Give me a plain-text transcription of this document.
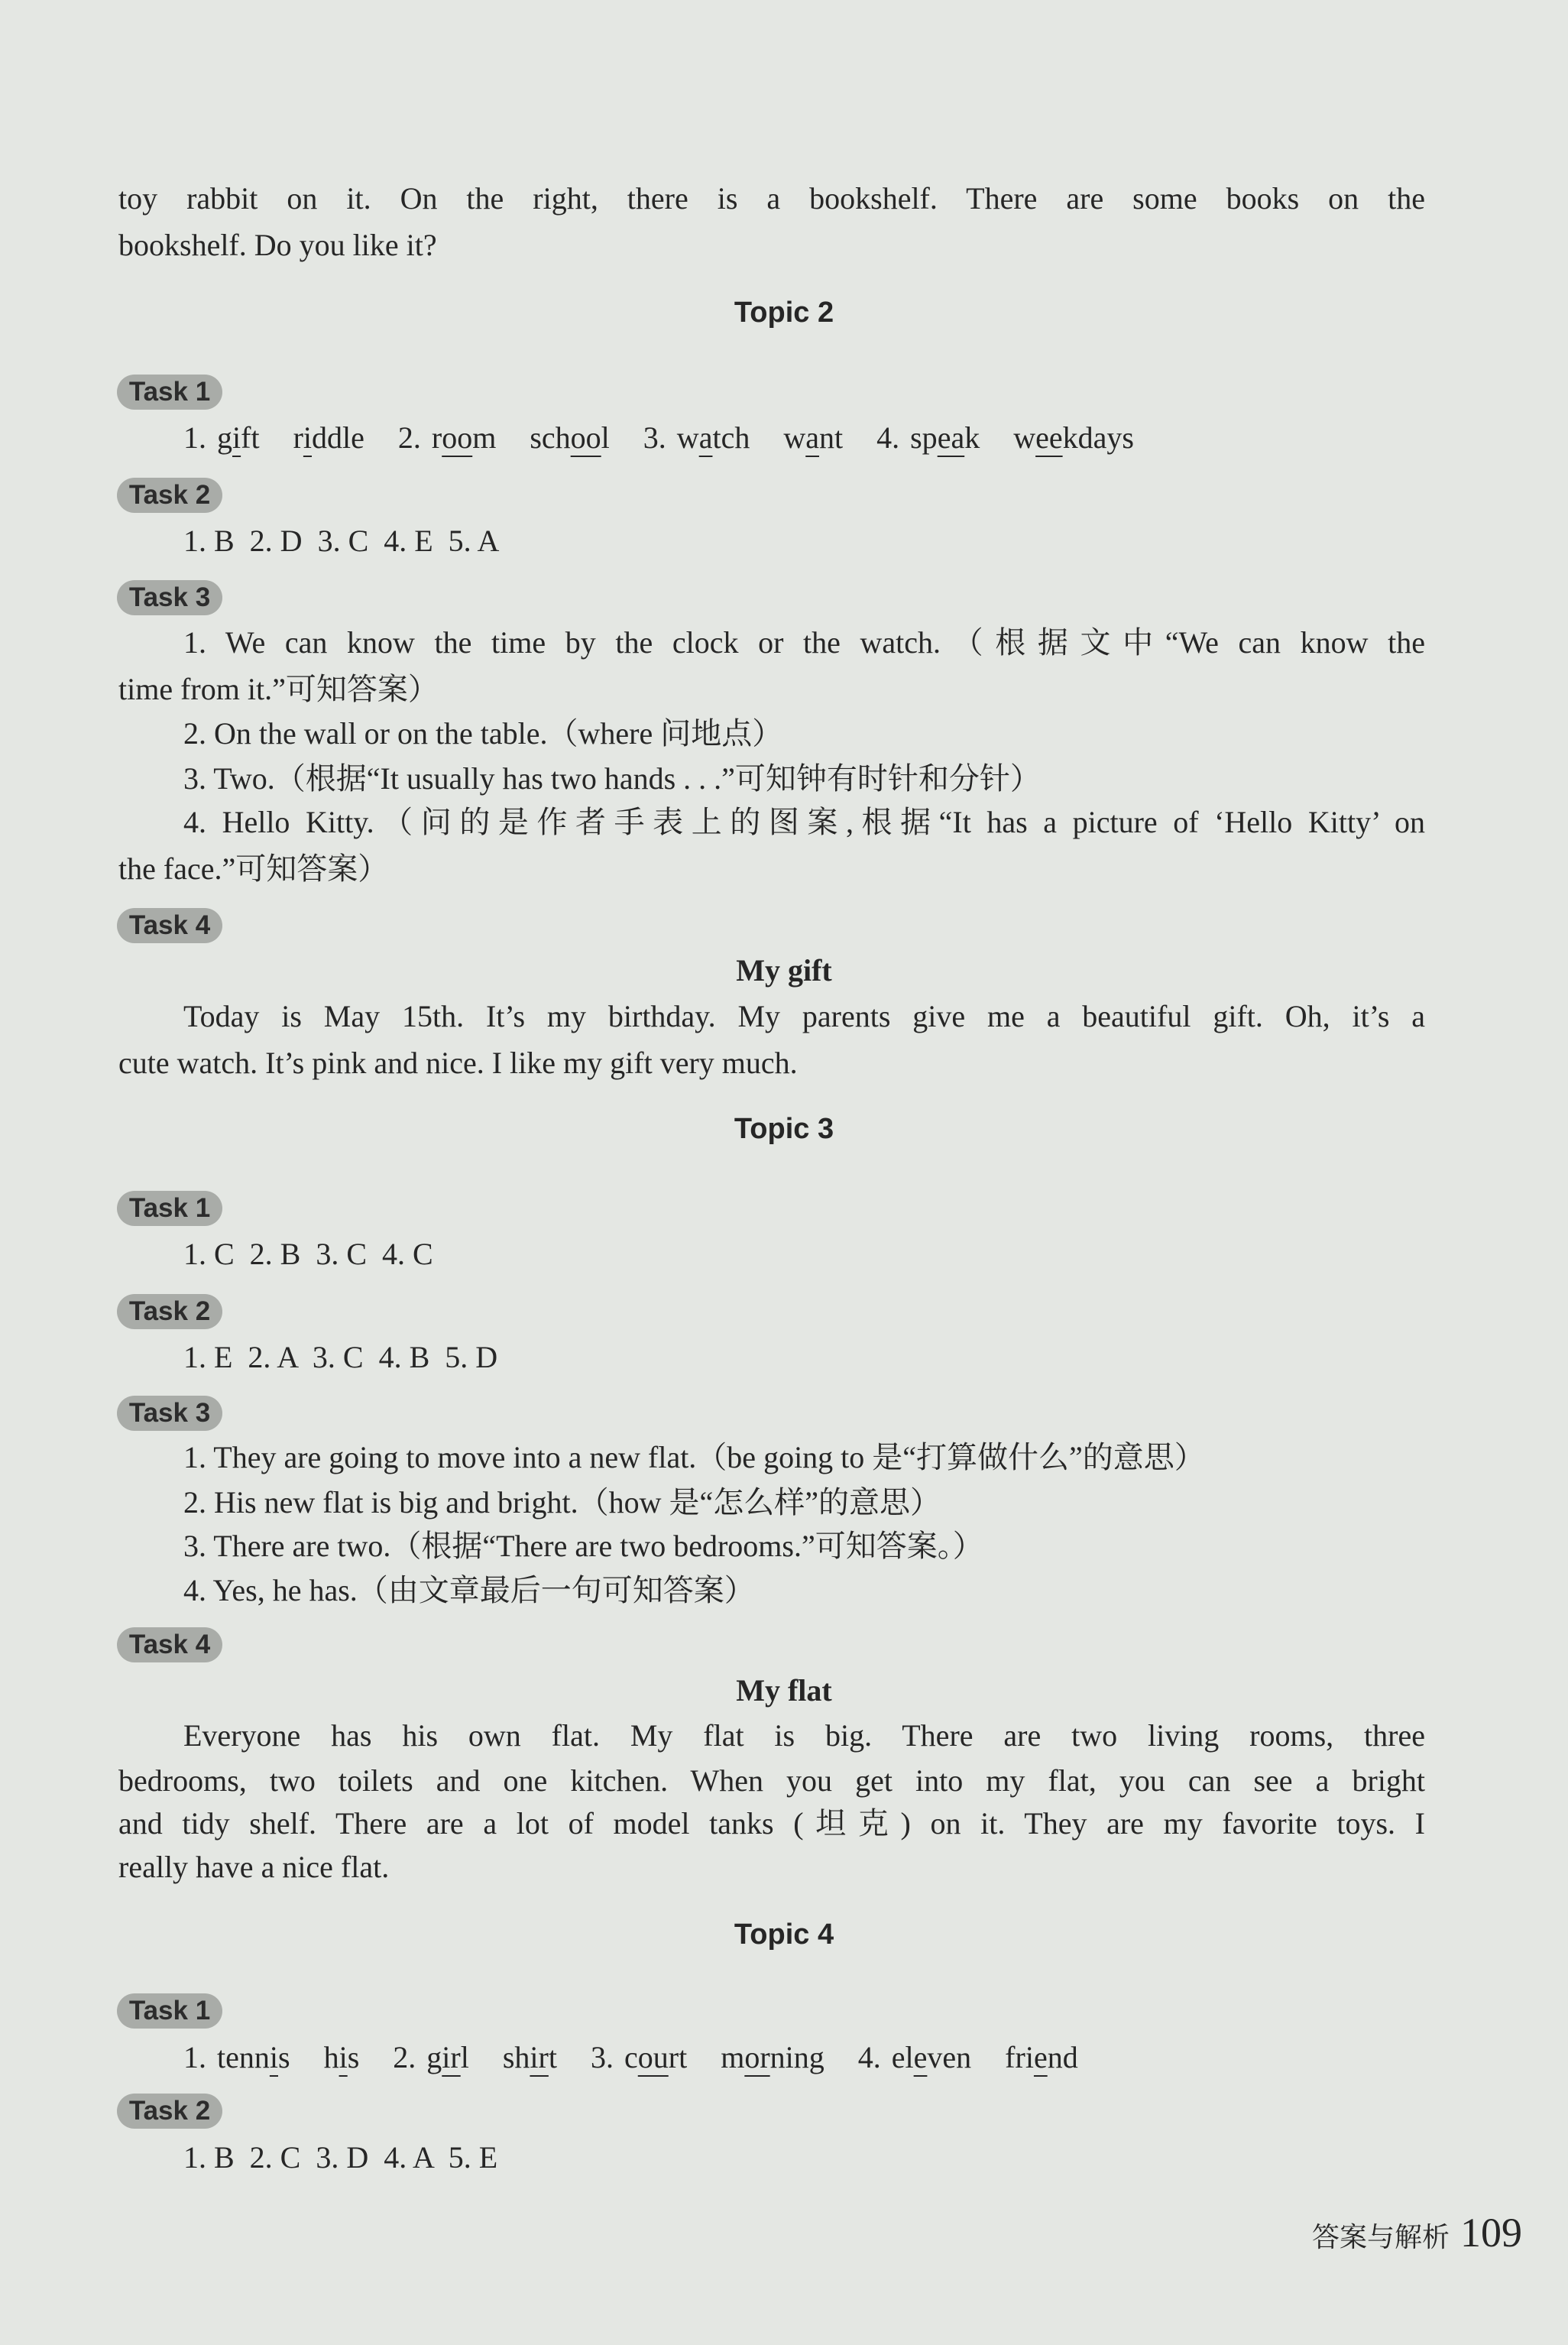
toy rabbit on it. On the right, there is a bookshelf. There are some books on the
bookshelf. Do you like it?
Topic 2
Task 1
1. gift riddle 2. room school 3. watch want 4. speak weekdays
Task 2
1. B  2. D  3. C  4. E  5. A
Task 3
1. We can know the time by the clock or the watch.（根据文中“We can know the
time from it.”可知答案）
2. On the wall or on the table.（where 问地点）
3. Two.（根据“It usually has two hands . . .”可知钟有时针和分针）
4. Hello Kitty.（问的是作者手表上的图案,根据“It has a picture of ‘Hello Kitty’ on
the face.”可知答案）
Task 4
My gift
Today is May 15th. It’s my birthday. My parents give me a beautiful gift. Oh, it’s a
cute watch. It’s pink and nice. I like my gift very much.
Topic 3
Task 1
1. C  2. B  3. C  4. C
Task 2
1. E  2. A  3. C  4. B  5. D
Task 3
1. They are going to move into a new flat.（be going to 是“打算做什么”的意思）
2. His new flat is big and bright.（how 是“怎么样”的意思）
3. There are two.（根据“There are two bedrooms.”可知答案。）
4. Yes, he has.（由文章最后一句可知答案）
Task 4
My flat
Everyone has his own flat. My flat is big. There are two living rooms, three
bedrooms, two toilets and one kitchen. When you get into my flat, you can see a bright
and tidy shelf. There are a lot of model tanks (坦克) on it. They are my favorite toys. I
really have a nice flat.
Topic 4
Task 1
1. tennis his 2. girl shirt 3. court morning 4. eleven friend
Task 2
1. B  2. C  3. D  4. A  5. E
答案与解析 109
